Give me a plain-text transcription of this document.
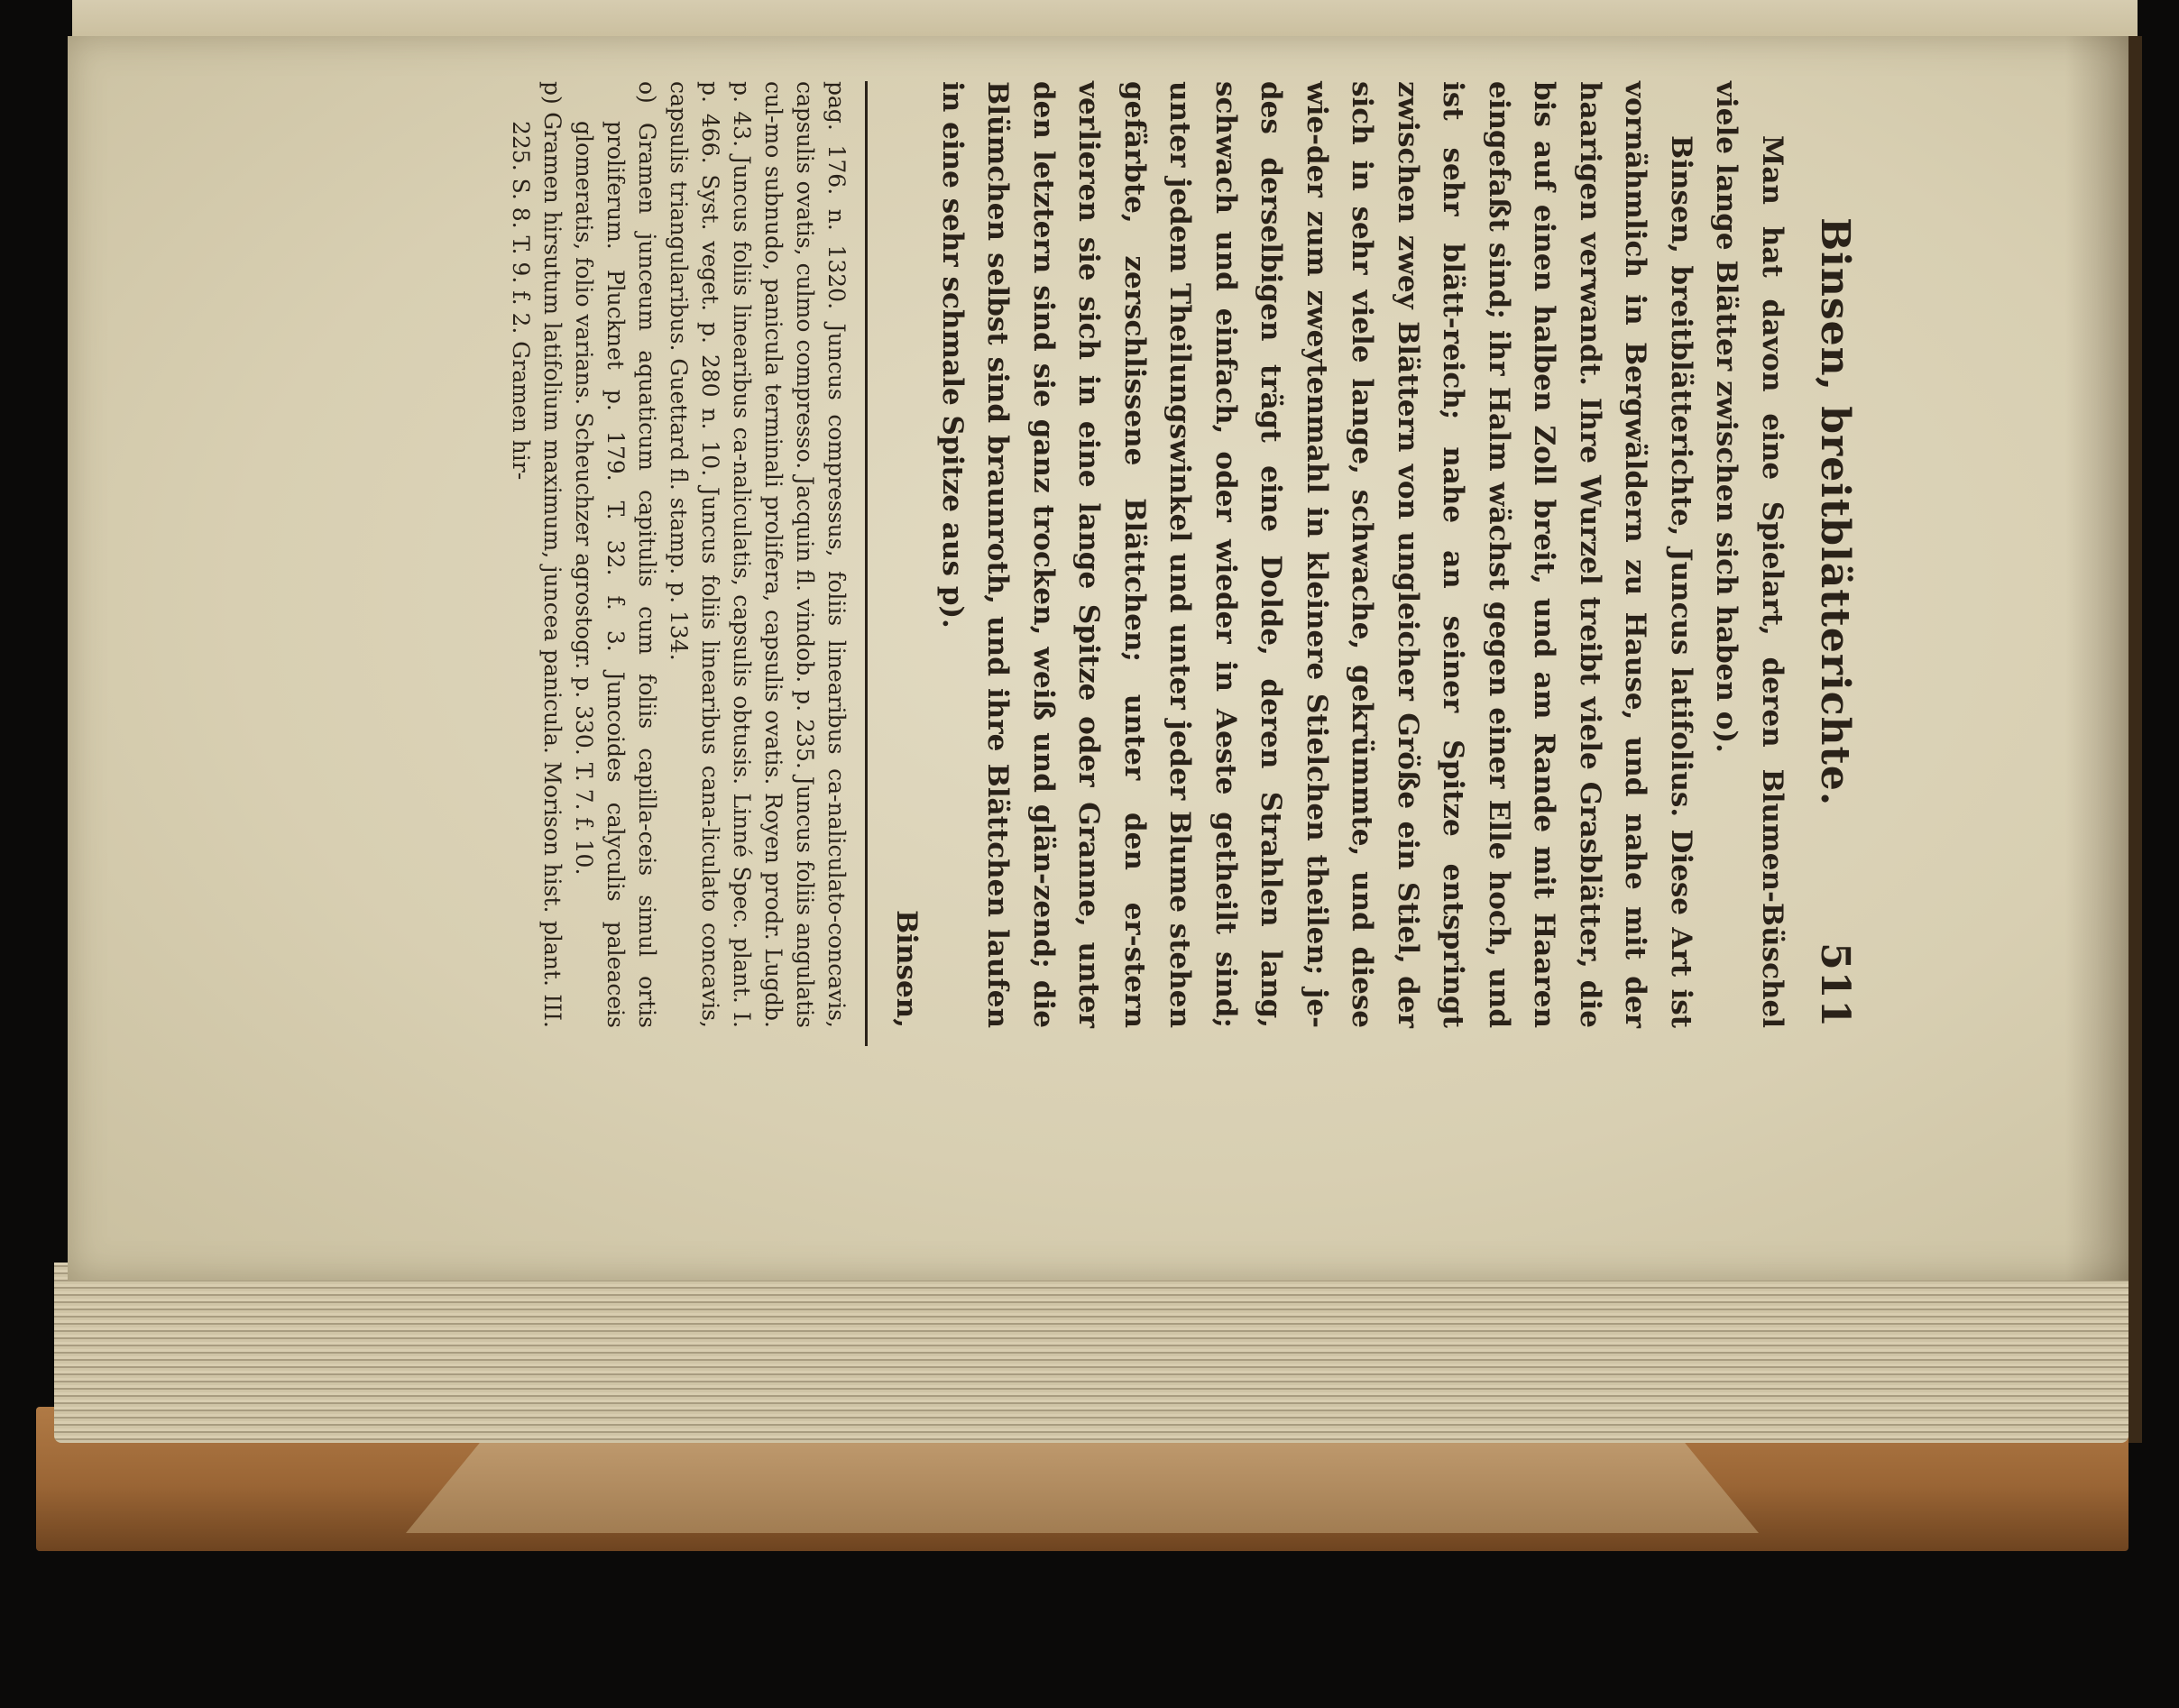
Binsen, breitblätterichte.
511

Man hat davon eine Spielart, deren Blumen-Büschel viele lange Blätter zwischen sich haben o).

Binsen, breitblätterichte, Juncus latifolius. Diese Art ist vornähmlich in Bergwäldern zu Hause, und nahe mit der haarigen verwandt. Ihre Wurzel treibt viele Grasblätter, die bis auf einen halben Zoll breit, und am Rande mit Haaren eingefaßt sind; ihr Halm wächst gegen einer Elle hoch, und ist sehr blätt-reich; nahe an seiner Spitze entspringt zwischen zwey Blättern von ungleicher Größe ein Stiel, der sich in sehr viele lange, schwache, gekrümmte, und diese wie-der zum zweytenmahl in kleinere Stielchen theilen; je-des derselbigen trägt eine Dolde, deren Strahlen lang, schwach und einfach, oder wieder in Aeste getheilt sind; unter jedem Theilungswinkel und unter jeder Blume stehen gefärbte, zerschlissene Blättchen; unter den er-stern verlieren sie sich in eine lange Spitze oder Granne, unter den letztern sind sie ganz trocken, weiß und glän-zend; die Blümchen selbst sind braunroth, und ihre Blättchen laufen in eine sehr schmale Spitze aus p).

Binsen,

pag. 176. n. 1320. Juncus compressus, foliis linearibus ca-naliculato-concavis, capsulis ovatis, culmo compresso. Jacquin fl. vindob. p. 235. Juncus foliis angulatis cul-mo subnudo, panicula terminali prolifera, capsulis ovatis. Royen prodr. Lugdb. p. 43. Juncus foliis linearibus ca-naliculatis, capsulis obtusis. Linné Spec. plant. I. p. 466. Syst. veget. p. 280 n. 10. Juncus foliis linearibus cana-liculato concavis, capsulis triangularibus. Guettard fl. stamp. p. 134.

o) Gramen junceum aquaticum capitulis cum foliis capilla-ceis simul ortis proliferum. Plucknet p. 179. T. 32. f. 3. Juncoides calyculis paleaceis glomeratis, folio varians. Scheuchzer agrostogr. p. 330. T. 7. f. 10.

p) Gramen hirsutum latifolium maximum, juncea panicula. Morison hist. plant. III. 225. S. 8. T. 9. f. 2. Gramen hir-
